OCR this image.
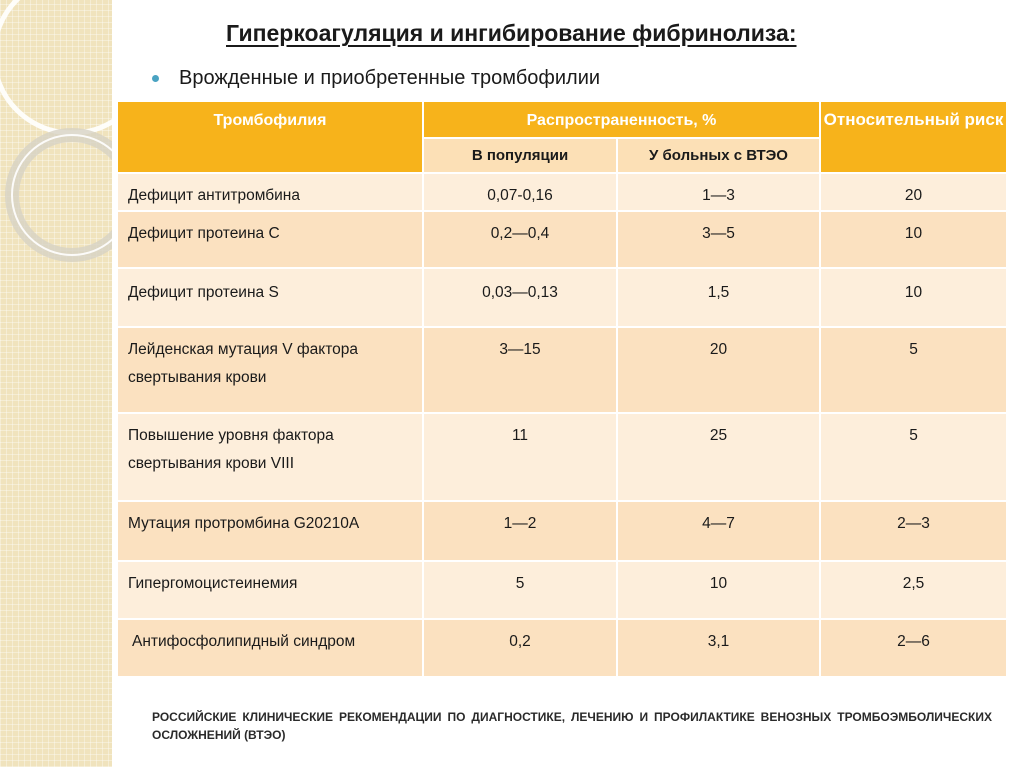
Гиперкоагуляция и ингибирование фибринолиза:
Врожденные и приобретенные тромбофилии
Тромбофилия	Распространенность, %		Относительный риск
	В популяции	У больных с ВТЭО	
Дефицит антитромбина	0,07-0,16	1—3	20
Дефицит протеина C	0,2—0,4	3—5	10
Дефицит протеина S	0,03—0,13	1,5	10
Лейденская мутация V фактора свертывания крови	3—15	20	5
Повышение уровня фактора свертывания крови VIII	11	25	5
Мутация протромбина G20210A	1—2	4—7	2—3
Гипергомоцистеинемия	5	10	2,5
Антифосфолипидный синдром	0,2	3,1	2—6
РОССИЙСКИЕ КЛИНИЧЕСКИЕ РЕКОМЕНДАЦИИ ПО ДИАГНОСТИКЕ, ЛЕЧЕНИЮ И ПРОФИЛАКТИКЕ ВЕНОЗНЫХ ТРОМБОЭМБОЛИЧЕСКИХ ОСЛОЖНЕНИЙ (ВТЭО)
